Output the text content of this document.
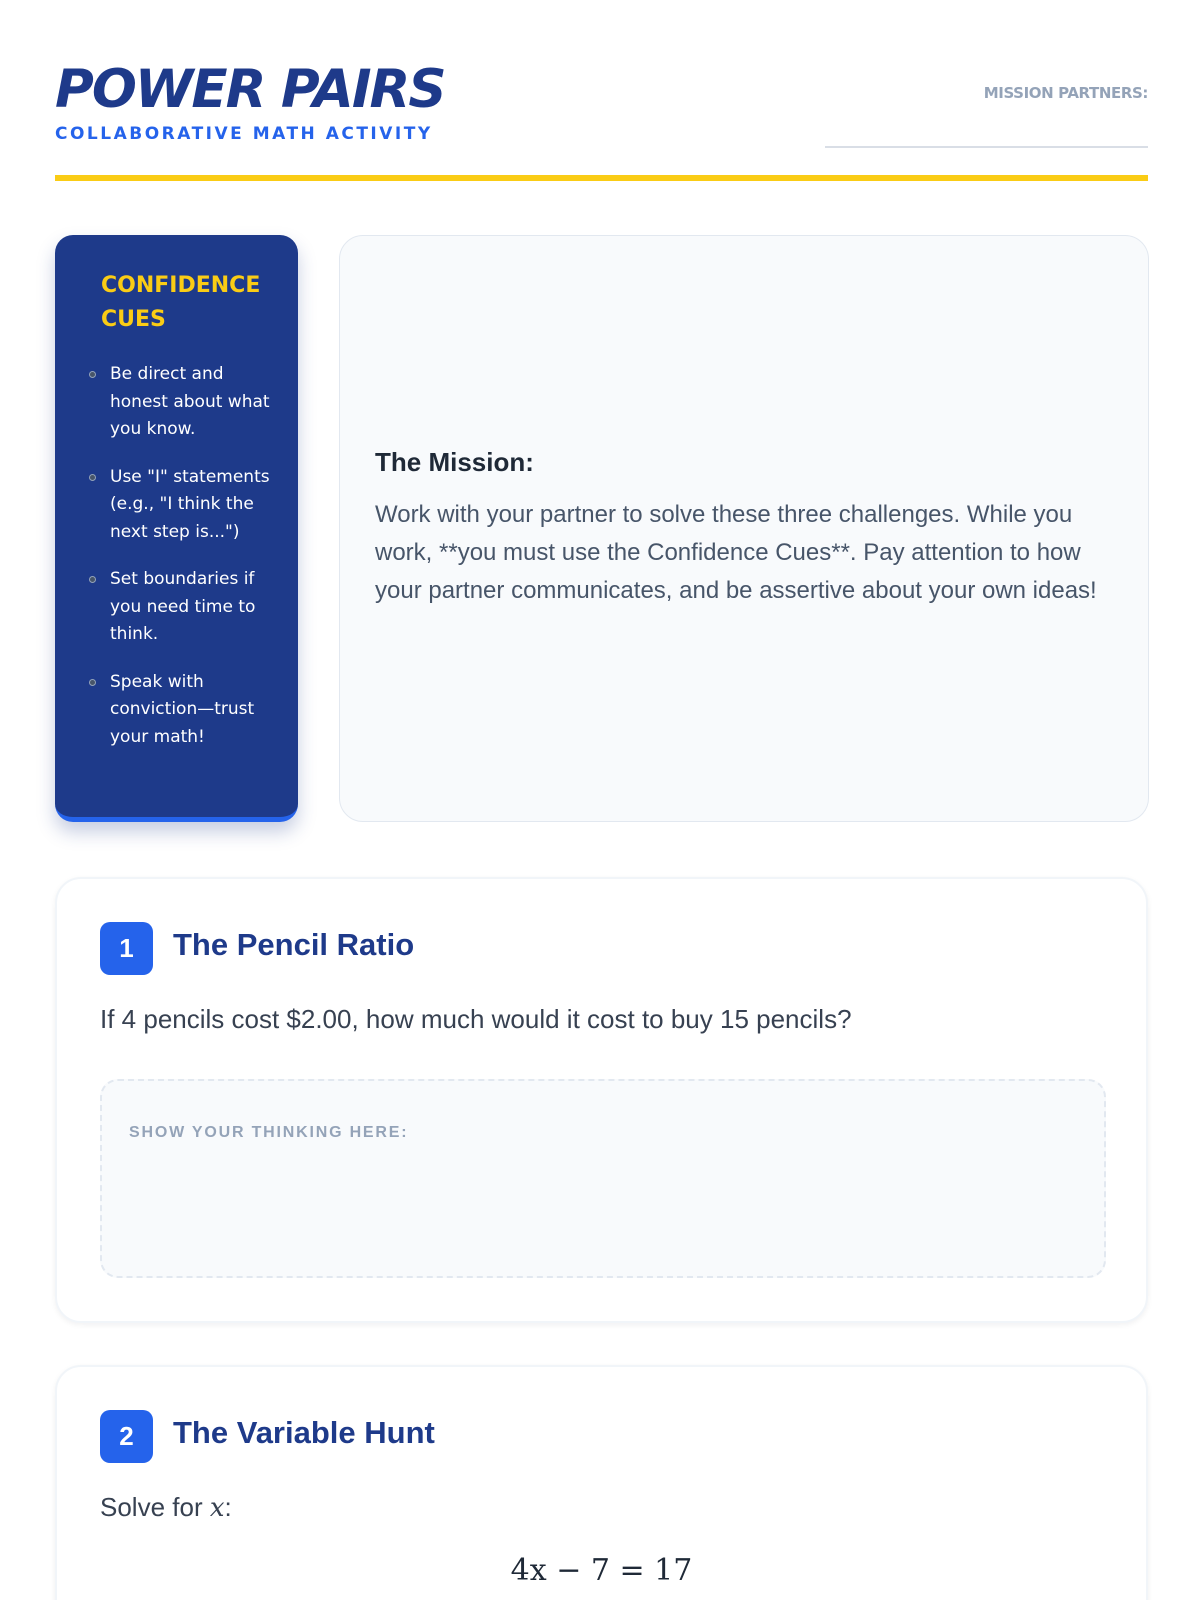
POWER PAIRS
COLLABORATIVE MATH ACTIVITY
MISSION PARTNERS:
CONFIDENCE CUES
Be direct and honest about what you know.
Use "I" statements (e.g., "I think the next step is...")
Set boundaries if you need time to think.
Speak with conviction—trust your math!
The Mission:

Work with your partner to solve these three challenges. While you work, **you must use the Confidence Cues**. Pay attention to how your partner communicates, and be assertive about your own ideas!

1	The Pencil Ratio

If 4 pencils cost $2.00, how much would it cost to buy 15 pencils?

SHOW YOUR THINKING HERE:
2	The Variable Hunt

Solve for x:

4x − 7 = 17
